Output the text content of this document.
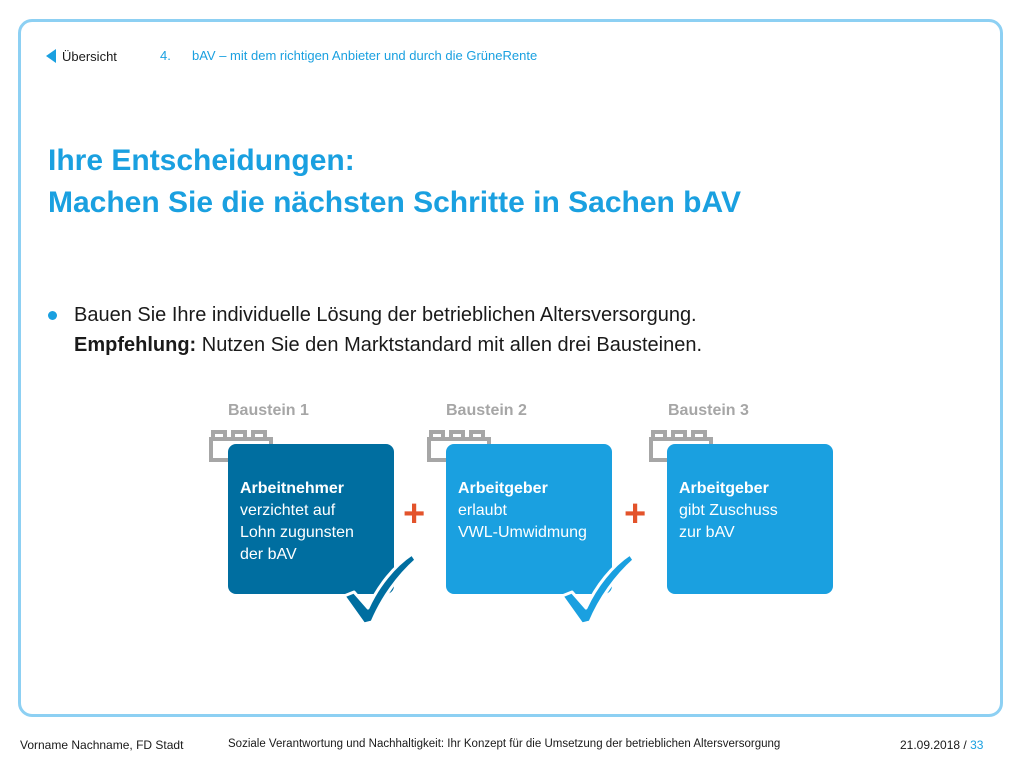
Übersicht	4. bAV – mit dem richtigen Anbieter und durch die GrüneRente
Ihre Entscheidungen:
Machen Sie die nächsten Schritte in Sachen bAV
Bauen Sie Ihre individuelle Lösung der betrieblichen Altersversorgung.
Empfehlung: Nutzen Sie den Marktstandard mit allen drei Bausteinen.
Baustein 1	Baustein 2	Baustein 3
Arbeitnehmer
verzichtet auf
Lohn zugunsten
der bAV
Arbeitgeber
erlaubt
VWL-Umwidmung
Arbeitgeber
gibt Zuschuss
zur bAV
+	+
Vorname Nachname, FD Stadt	Soziale Verantwortung und Nachhaltigkeit: Ihr Konzept für die Umsetzung der betrieblichen Altersversorgung	21.09.2018 / 33
